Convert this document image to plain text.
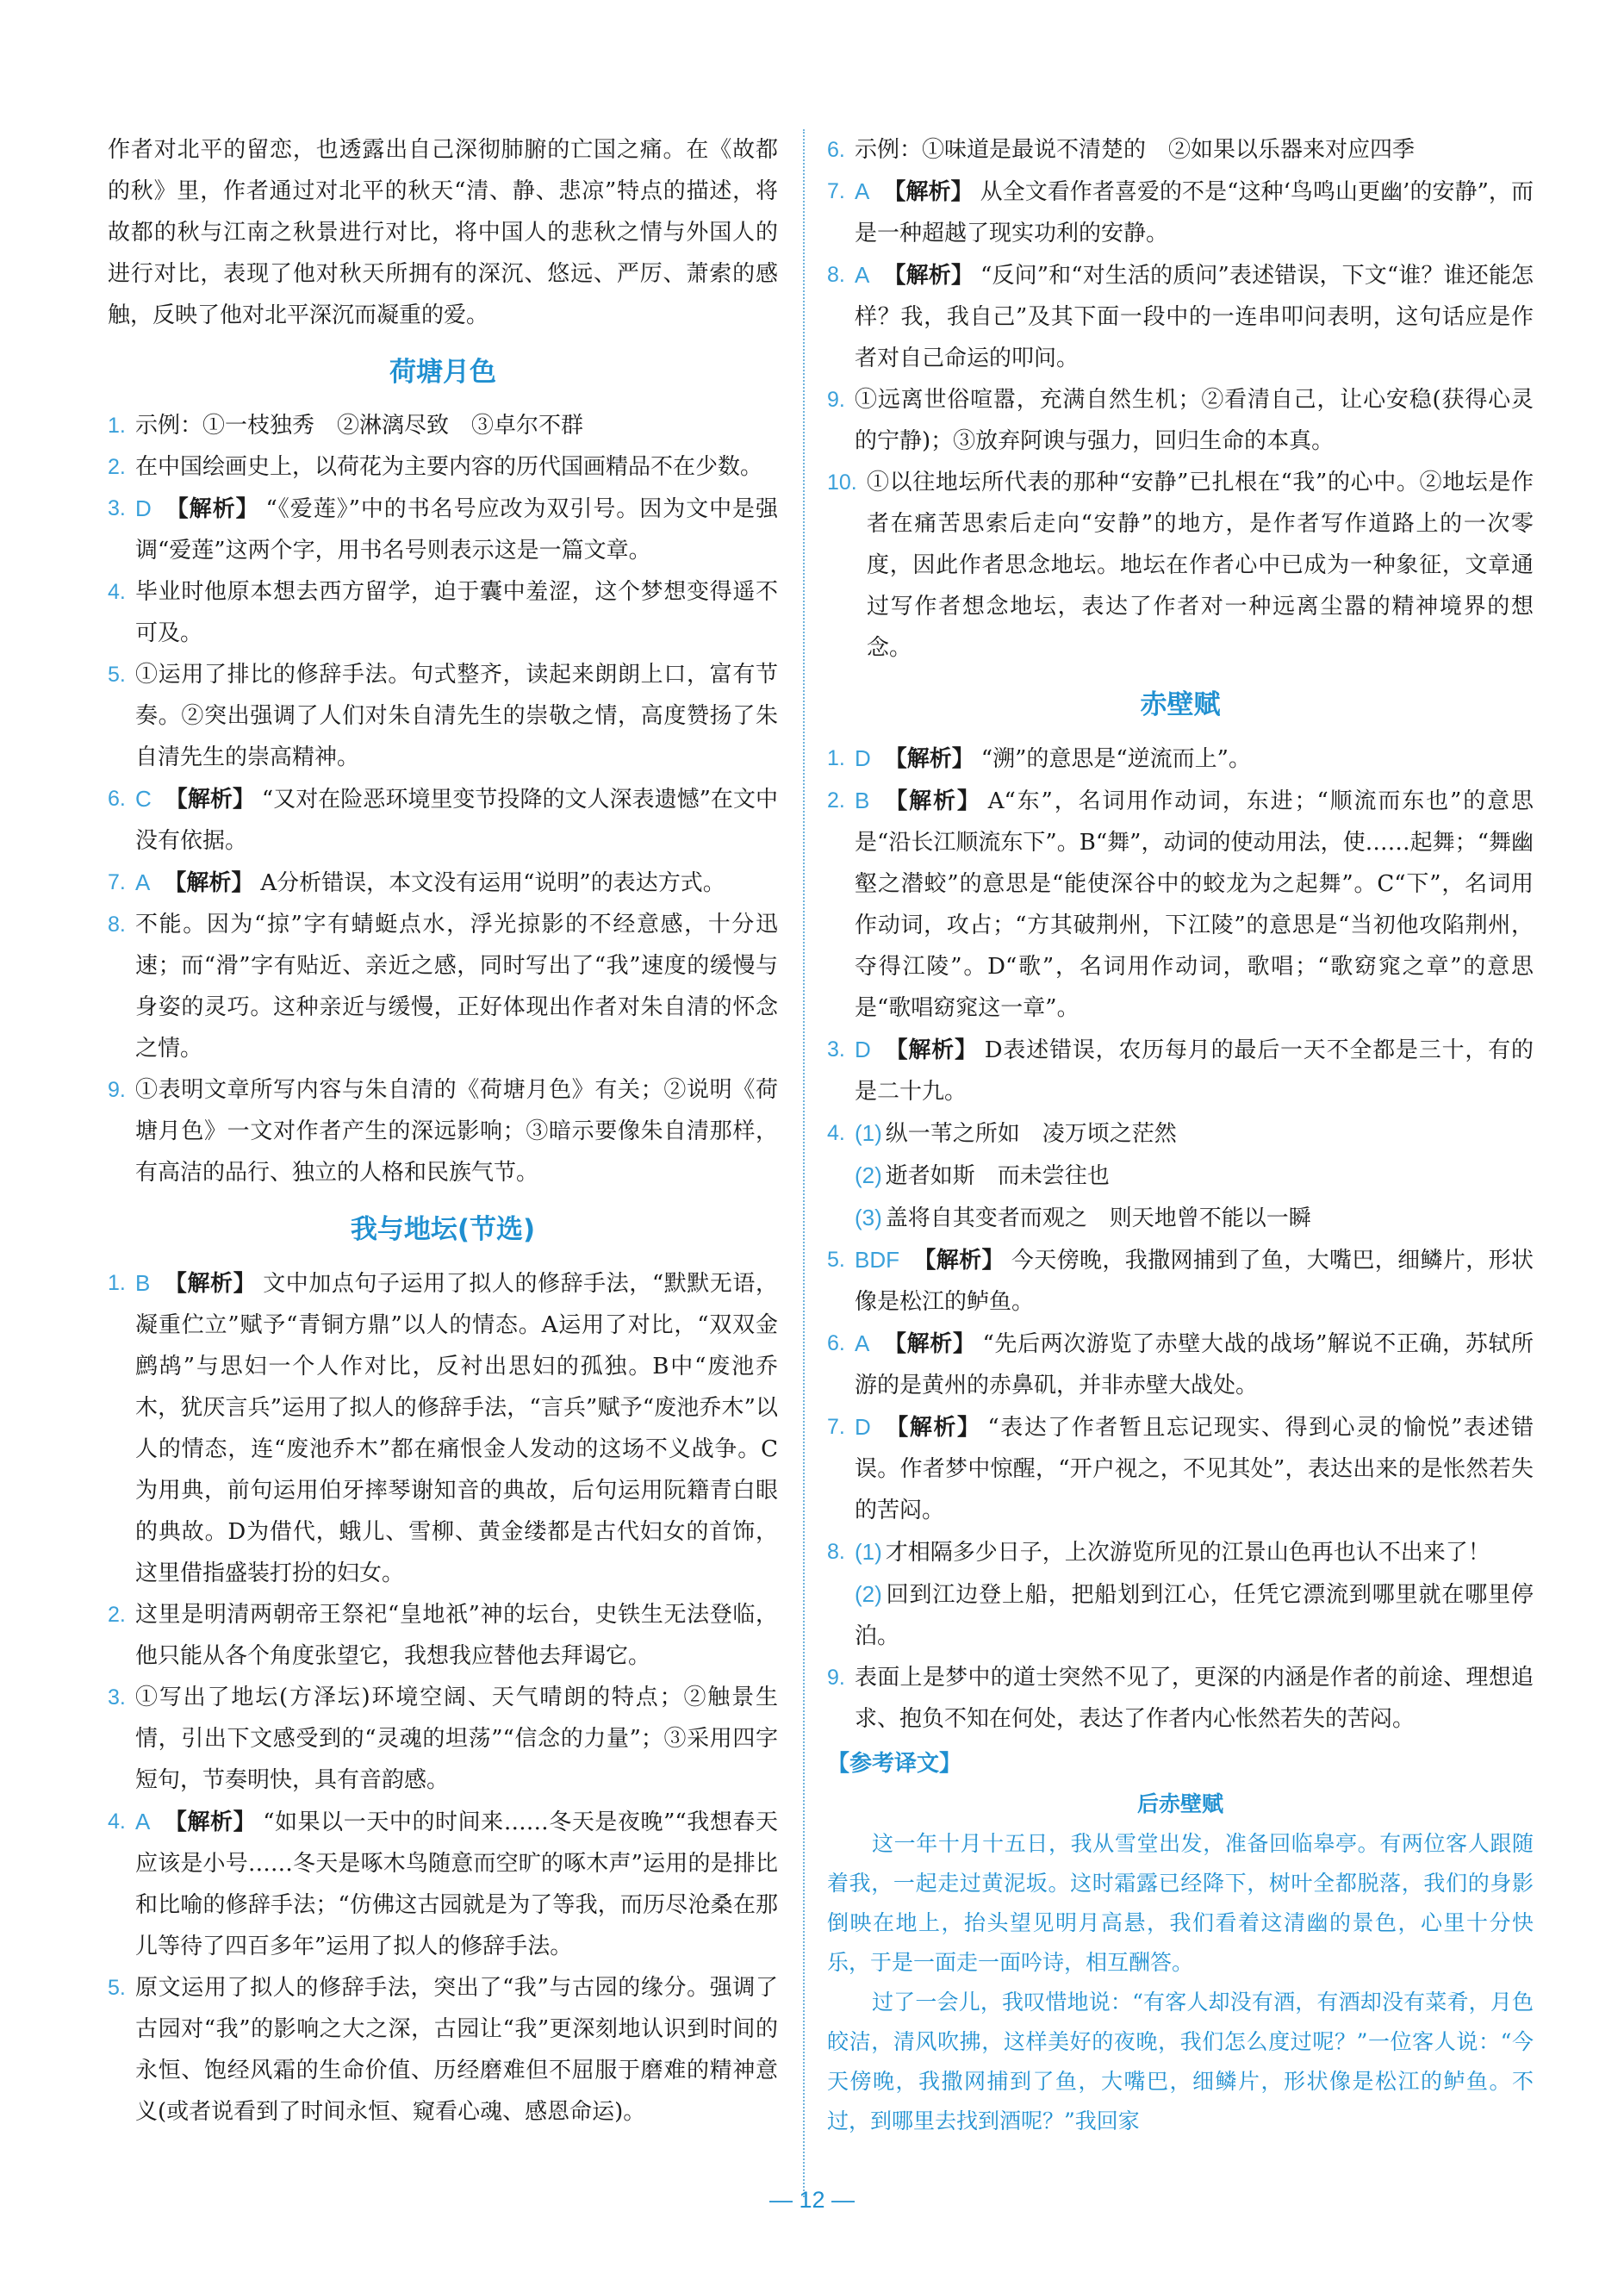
作者对北平的留恋，也透露出自己深彻肺腑的亡国之痛。在《故都的秋》里，作者通过对北平的秋天“清、静、悲凉”特点的描述，将故都的秋与江南之秋景进行对比，将中国人的悲秋之情与外国人的进行对比，表现了他对秋天所拥有的深沉、悠远、严厉、萧索的感触，反映了他对北平深沉而凝重的爱。

荷塘月色
1. 示例：①一枝独秀　②淋漓尽致　③卓尔不群
2. 在中国绘画史上，以荷花为主要内容的历代国画精品不在少数。
3. D 【解析】 “《爱莲》”中的书名号应改为双引号。因为文中是强调“爱莲”这两个字，用书名号则表示这是一篇文章。
4. 毕业时他原本想去西方留学，迫于囊中羞涩，这个梦想变得遥不可及。
5. ①运用了排比的修辞手法。句式整齐，读起来朗朗上口，富有节奏。②突出强调了人们对朱自清先生的崇敬之情，高度赞扬了朱自清先生的崇高精神。
6. C 【解析】 “又对在险恶环境里变节投降的文人深表遗憾”在文中没有依据。
7. A 【解析】 A分析错误，本文没有运用“说明”的表达方式。
8. 不能。因为“掠”字有蜻蜓点水，浮光掠影的不经意感，十分迅速；而“滑”字有贴近、亲近之感，同时写出了“我”速度的缓慢与身姿的灵巧。这种亲近与缓慢，正好体现出作者对朱自清的怀念之情。
9. ①表明文章所写内容与朱自清的《荷塘月色》有关；②说明《荷塘月色》一文对作者产生的深远影响；③暗示要像朱自清那样，有高洁的品行、独立的人格和民族气节。
我与地坛(节选)
1. B 【解析】 文中加点句子运用了拟人的修辞手法，“默默无语，凝重伫立”赋予“青铜方鼎”以人的情态。A运用了对比，“双双金鹧鸪”与思妇一个人作对比，反衬出思妇的孤独。B中“废池乔木，犹厌言兵”运用了拟人的修辞手法，“言兵”赋予“废池乔木”以人的情态，连“废池乔木”都在痛恨金人发动的这场不义战争。C为用典，前句运用伯牙摔琴谢知音的典故，后句运用阮籍青白眼的典故。D为借代，蛾儿、雪柳、黄金缕都是古代妇女的首饰，这里借指盛装打扮的妇女。
2. 这里是明清两朝帝王祭祀“皇地祇”神的坛台，史铁生无法登临，他只能从各个角度张望它，我想我应替他去拜谒它。
3. ①写出了地坛(方泽坛)环境空阔、天气晴朗的特点；②触景生情，引出下文感受到的“灵魂的坦荡”“信念的力量”；③采用四字短句，节奏明快，具有音韵感。
4. A 【解析】 “如果以一天中的时间来……冬天是夜晚”“我想春天应该是小号……冬天是啄木鸟随意而空旷的啄木声”运用的是排比和比喻的修辞手法；“仿佛这古园就是为了等我，而历尽沧桑在那儿等待了四百多年”运用了拟人的修辞手法。
5. 原文运用了拟人的修辞手法，突出了“我”与古园的缘分。强调了古园对“我”的影响之大之深，古园让“我”更深刻地认识到时间的永恒、饱经风霜的生命价值、历经磨难但不屈服于磨难的精神意义(或者说看到了时间永恒、窥看心魂、感恩命运)。
6. 示例：①味道是最说不清楚的　②如果以乐器来对应四季
7. A 【解析】 从全文看作者喜爱的不是“这种‘鸟鸣山更幽’的安静”，而是一种超越了现实功利的安静。
8. A 【解析】 “反问”和“对生活的质问”表述错误，下文“谁？谁还能怎样？我，我自己”及其下面一段中的一连串叩问表明，这句话应是作者对自己命运的叩问。
9. ①远离世俗喧嚣，充满自然生机；②看清自己，让心安稳(获得心灵的宁静)；③放弃阿谀与强力，回归生命的本真。
10. ①以往地坛所代表的那种“安静”已扎根在“我”的心中。②地坛是作者在痛苦思索后走向“安静”的地方，是作者写作道路上的一次零度，因此作者思念地坛。地坛在作者心中已成为一种象征，文章通过写作者想念地坛，表达了作者对一种远离尘嚣的精神境界的想念。
赤壁赋
1. D 【解析】 “溯”的意思是“逆流而上”。
2. B 【解析】 A“东”，名词用作动词，东进；“顺流而东也”的意思是“沿长江顺流东下”。B“舞”，动词的使动用法，使……起舞；“舞幽壑之潜蛟”的意思是“能使深谷中的蛟龙为之起舞”。C“下”，名词用作动词，攻占；“方其破荆州，下江陵”的意思是“当初他攻陷荆州，夺得江陵”。D“歌”，名词用作动词，歌唱；“歌窈窕之章”的意思是“歌唱窈窕这一章”。
3. D 【解析】 D表述错误，农历每月的最后一天不全都是三十，有的是二十九。
4. (1) 纵一苇之所如　凌万顷之茫然
(2) 逝者如斯　而未尝往也
(3) 盖将自其变者而观之　则天地曾不能以一瞬
5. BDF 【解析】 今天傍晚，我撒网捕到了鱼，大嘴巴，细鳞片，形状像是松江的鲈鱼。
6. A 【解析】 “先后两次游览了赤壁大战的战场”解说不正确，苏轼所游的是黄州的赤鼻矶，并非赤壁大战处。
7. D 【解析】 “表达了作者暂且忘记现实、得到心灵的愉悦”表述错误。作者梦中惊醒，“开户视之，不见其处”，表达出来的是怅然若失的苦闷。
8. (1) 才相隔多少日子，上次游览所见的江景山色再也认不出来了！
(2) 回到江边登上船，把船划到江心，任凭它漂流到哪里就在哪里停泊。
9. 表面上是梦中的道士突然不见了，更深的内涵是作者的前途、理想追求、抱负不知在何处，表达了作者内心怅然若失的苦闷。
【参考译文】
后赤壁赋

这一年十月十五日，我从雪堂出发，准备回临皋亭。有两位客人跟随着我，一起走过黄泥坂。这时霜露已经降下，树叶全都脱落，我们的身影倒映在地上，抬头望见明月高悬，我们看着这清幽的景色，心里十分快乐，于是一面走一面吟诗，相互酬答。

过了一会儿，我叹惜地说：“有客人却没有酒，有酒却没有菜肴，月色皎洁，清风吹拂，这样美好的夜晚，我们怎么度过呢？”一位客人说：“今天傍晚，我撒网捕到了鱼，大嘴巴，细鳞片，形状像是松江的鲈鱼。不过，到哪里去找到酒呢？”我回家

— 12 —
